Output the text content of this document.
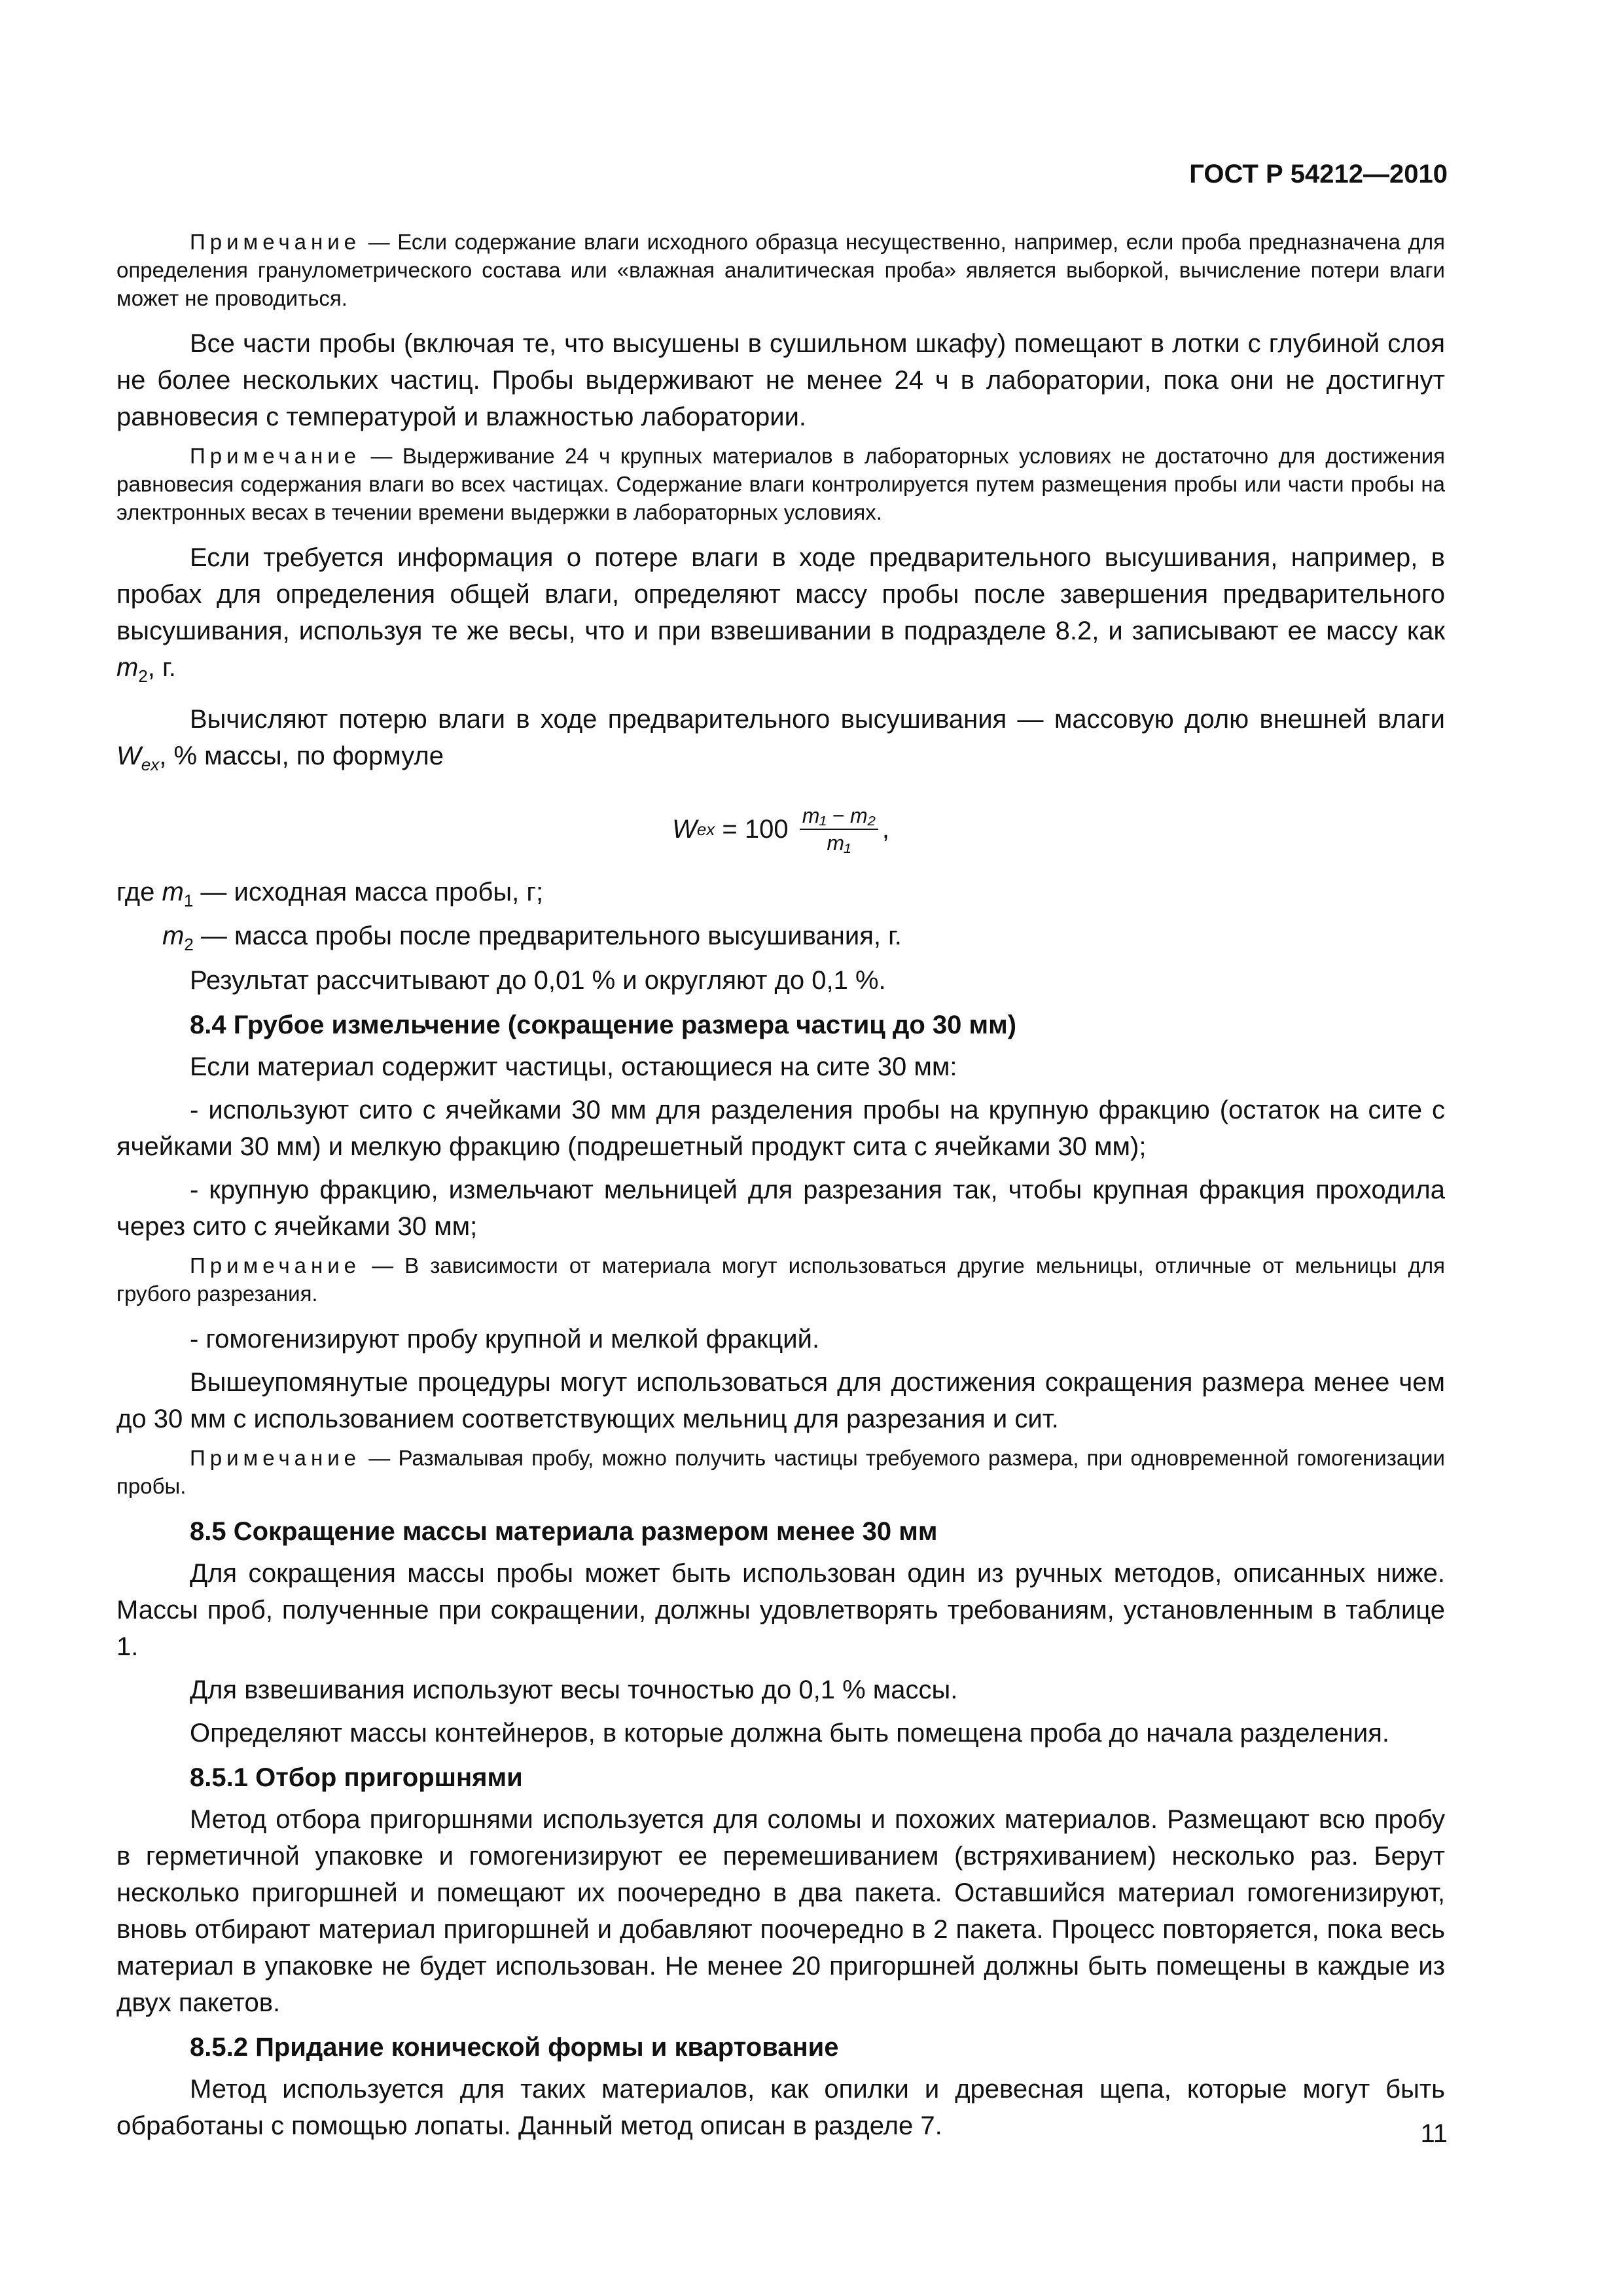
ГОСТ Р 54212—2010
Примечание — Если содержание влаги исходного образца несущественно, например, если проба предназначена для определения гранулометрического состава или «влажная аналитическая проба» является выборкой, вычисление потери влаги может не проводиться.
Все части пробы (включая те, что высушены в сушильном шкафу) помещают в лотки с глубиной слоя не более нескольких частиц. Пробы выдерживают не менее 24 ч в лаборатории, пока они не достигнут равновесия с температурой и влажностью лаборатории.
Примечание — Выдерживание 24 ч крупных материалов в лабораторных условиях не достаточно для достижения равновесия содержания влаги во всех частицах. Содержание влаги контролируется путем размещения пробы или части пробы на электронных весах в течении времени выдержки в лабораторных условиях.
Если требуется информация о потере влаги в ходе предварительного высушивания, например, в пробах для определения общей влаги, определяют массу пробы после завершения предварительного высушивания, используя те же весы, что и при взвешивании в подразделе 8.2, и записывают ее массу как $m_2$, г.
Вычисляют потерю влаги в ходе предварительного высушивания — массовую долю внешней влаги $W_{ex}$, % массы, по формуле
W ex = $100 \frac{\text{m₁ − m₂}}{\text{m₁}}$ ,
где $m_1$ — исходная масса пробы, г;
$m_2$ — масса пробы после предварительного высушивания, г.
Результат рассчитывают до 0,01 % и округляют до 0,1 %.
8.4 Грубое измельчение (сокращение размера частиц до 30 мм)
Если материал содержит частицы, остающиеся на сите 30 мм:
- используют сито с ячейками 30 мм для разделения пробы на крупную фракцию (остаток на сите с ячейками 30 мм) и мелкую фракцию (подрешетный продукт сита с ячейками 30 мм);
- крупную фракцию, измельчают мельницей для разрезания так, чтобы крупная фракция проходила через сито с ячейками 30 мм;
Примечание — В зависимости от материала могут использоваться другие мельницы, отличные от мельницы для грубого разрезания.
- гомогенизируют пробу крупной и мелкой фракций.
Вышеупомянутые процедуры могут использоваться для достижения сокращения размера менее чем до 30 мм с использованием соответствующих мельниц для разрезания и сит.
Примечание — Размалывая пробу, можно получить частицы требуемого размера, при одновременной гомогенизации пробы.
8.5 Сокращение массы материала размером менее 30 мм
Для сокращения массы пробы может быть использован один из ручных методов, описанных ниже. Массы проб, полученные при сокращении, должны удовлетворять требованиям, установленным в таблице 1.
Для взвешивания используют весы точностью до 0,1 % массы.
Определяют массы контейнеров, в которые должна быть помещена проба до начала разделения.
8.5.1 Отбор пригоршнями
Метод отбора пригоршнями используется для соломы и похожих материалов. Размещают всю пробу в герметичной упаковке и гомогенизируют ее перемешиванием (встряхиванием) несколько раз. Берут несколько пригоршней и помещают их поочередно в два пакета. Оставшийся материал гомогенизируют, вновь отбирают материал пригоршней и добавляют поочередно в 2 пакета. Процесс повторяется, пока весь материал в упаковке не будет использован. Не менее 20 пригоршней должны быть помещены в каждые из двух пакетов.
8.5.2 Придание конической формы и квартование
Метод используется для таких материалов, как опилки и древесная щепа, которые могут быть обработаны с помощью лопаты. Данный метод описан в разделе 7.	11
